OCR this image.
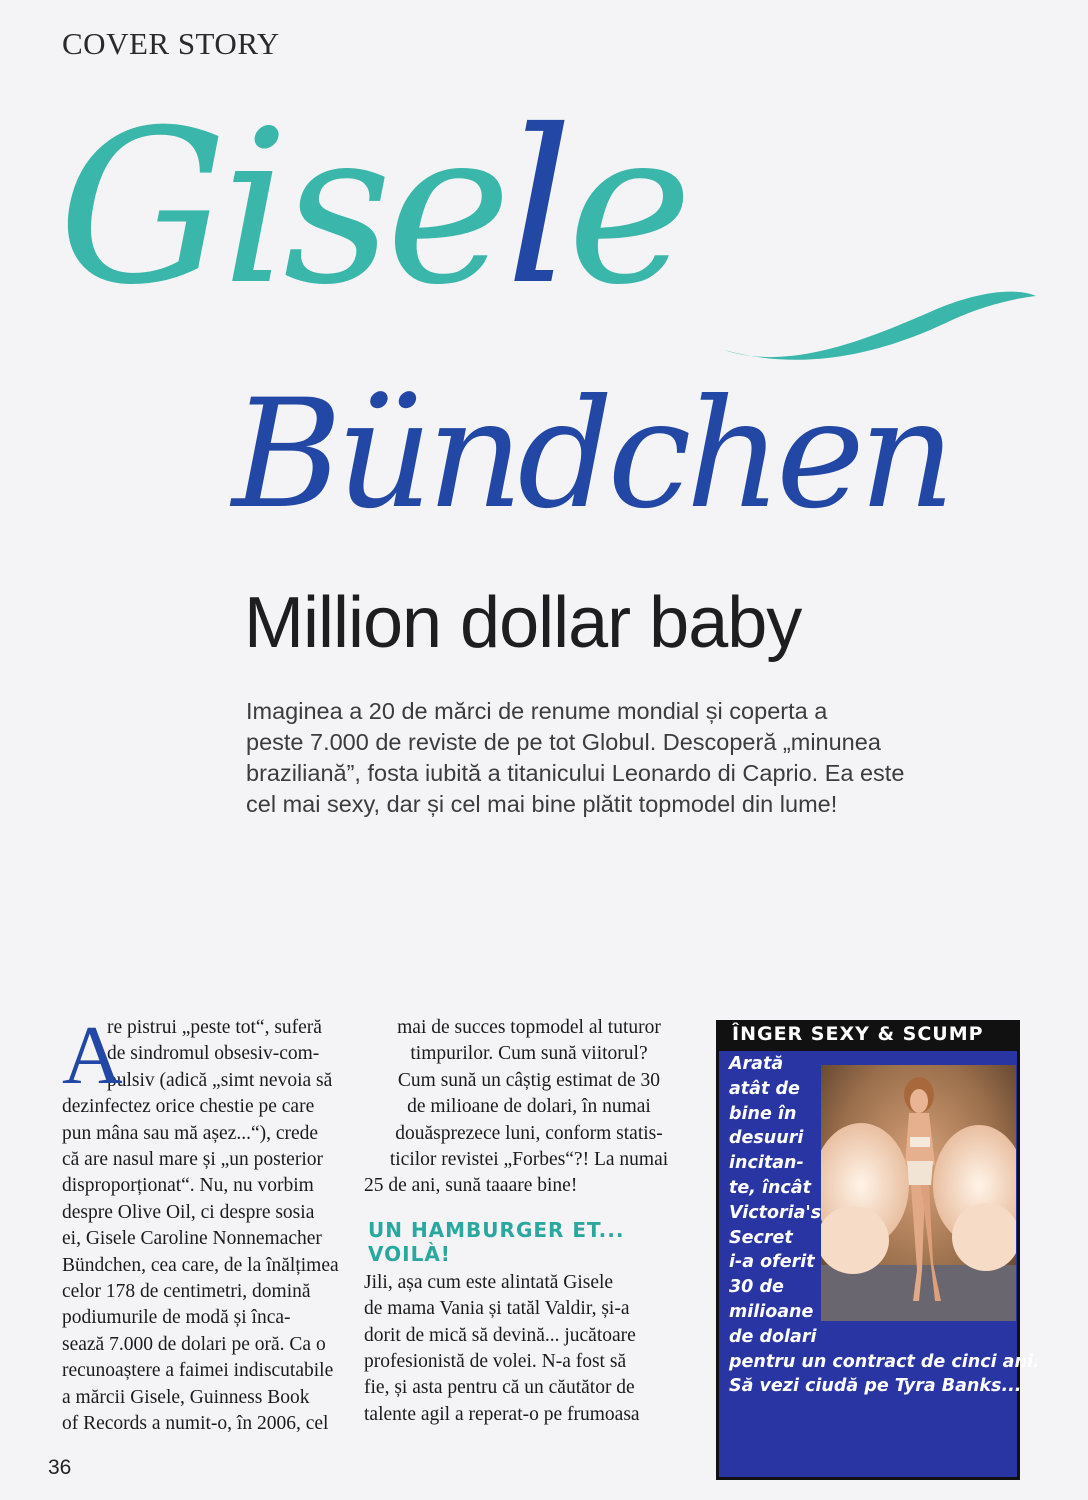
COVER STORY
Gisele
Bündchen
Million dollar baby
Imaginea a 20 de mărci de renume mondial și coperta a
peste 7.000 de reviste de pe tot Globul. Descoperă „minunea
braziliană”, fosta iubită a titanicului Leonardo di Caprio. Ea este
cel mai sexy, dar și cel mai bine plătit topmodel din lume!
A
re pistrui „peste tot“, suferă
de sindromul obsesiv-com-
pulsiv (adică „simt nevoia să
dezinfectez orice chestie pe care
pun mâna sau mă așez...“), crede
că are nasul mare și „un posterior
disproporționat“. Nu, nu vorbim
despre Olive Oil, ci despre sosia
ei, Gisele Caroline Nonnemacher
Bündchen, cea care, de la înălțimea
celor 178 de centimetri, domină
podiumurile de modă și înca-
sează 7.000 de dolari pe oră. Ca o
recunoaștere a faimei indiscutabile
a mărcii Gisele, Guinness Book
of Records a numit-o, în 2006, cel
mai de succes topmodel al tuturor
timpurilor. Cum sună viitorul?
Cum sună un câștig estimat de 30
de milioane de dolari, în numai
douăsprezece luni, conform statis-
ticilor revistei „Forbes“?! La numai
25 de ani, sună taaare bine!
UN HAMBURGER ET...
VOILÀ!
Jili, așa cum este alintată Gisele
de mama Vania și tatăl Valdir, și-a
dorit de mică să devină... jucătoare
profesionistă de volei. N-a fost să
fie, și asta pentru că un căutător de
talente agil a reperat-o pe frumoasa
ÎNGER SEXY & SCUMP
Arată
atât de
bine în
desuuri
incitan-
te, încât
Victoria's
Secret
i-a oferit
30 de
milioane
de dolari
pentru un contract de cinci ani.
Să vezi ciudă pe Tyra Banks...
36
